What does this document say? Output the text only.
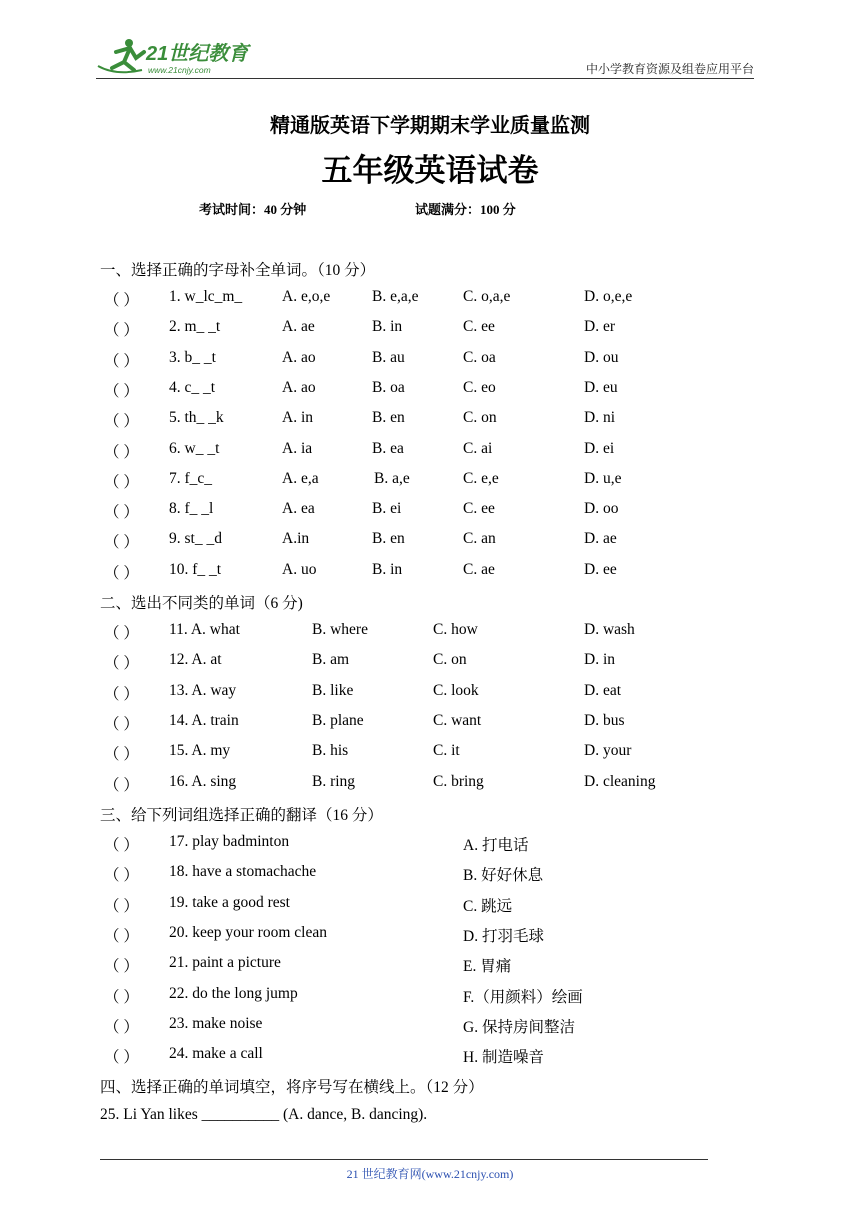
21世纪教育
www.21cnjy.com	中小学教育资源及组卷应用平台
精通版英语下学期期末学业质量监测
五年级英语试卷
考试时间：40 分钟	试题满分：100 分
一、选择正确的字母补全单词。（10 分）
（ ） 1. w_lc_m_	A. e,o,e	B. e,a,e	C. o,a,e	D. o,e,e
（ ） 2. m_ _t	A. ae	B. in	C. ee	D. er
（ ） 3. b_ _t	A. ao	B. au	C. oa	D. ou
（ ） 4. c_ _t	A. ao	B. oa	C. eo	D. eu
（ ） 5. th_ _k	A. in	B. en	C. on	D. ni
（ ） 6. w_ _t	A. ia	B. ea	C. ai	D. ei
（ ） 7. f_c_	A. e,a	B. a,e	C. e,e	D. u,e
（ ） 8. f_ _l	A. ea	B. ei	C. ee	D. oo
（ ） 9. st_ _d	A.in	B. en	C. an	D. ae
（ ） 10. f_ _t	A. uo	B. in	C. ae	D. ee
二、选出不同类的单词（6 分)
（ ） 11. A. what	B. where	C. how	D. wash
（ ） 12. A. at	B. am	C. on	D. in
（ ） 13. A. way	B. like	C. look	D. eat
（ ） 14. A. train	B. plane	C. want	D. bus
（ ） 15. A. my	B. his	C. it	D. your
（ ） 16. A. sing	B. ring	C. bring	D. cleaning
三、给下列词组选择正确的翻译（16 分）
（ ） 17. play badminton	A. 打电话
（ ） 18. have a stomachache	B. 好好休息
（ ） 19. take a good rest	C. 跳远
（ ） 20. keep your room clean	D. 打羽毛球
（ ） 21. paint a picture	E. 胃痛
（ ） 22. do the long jump	F.（用颜料）绘画
（ ） 23. make noise	G. 保持房间整洁
（ ） 24. make a call	H. 制造噪音
四、选择正确的单词填空，将序号写在横线上。（12 分）
25. Li Yan likes __________ (A. dance, B. dancing).
21 世纪教育网(www.21cnjy.com)
